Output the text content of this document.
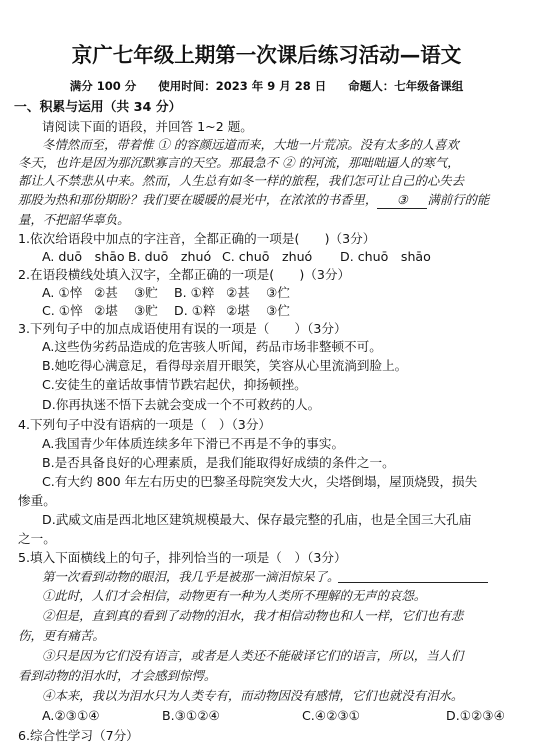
京广七年级上期第一次课后练习活动—语文
满分 100 分 使用时间：2023 年 9 月 28 日 命题人：七年级备课组
一、积累与运用（共 34 分）
请阅读下面的语段，并回答 1~2 题。
冬情然而至，带着惟 ① 的容颜远道而来，大地一片荒凉。没有太多的人喜欢
冬天，也许是因为那沉默寡言的天空。那最急不 ② 的河流，那咄咄逼人的寒气，
都让人不禁悲从中来。然而，人生总有如冬一样的旅程，我们怎可让自己的心失去
那股为热和那份期盼？我们要在暖暖的晨光中，在浓浓的书香里， ③ 满前行的能
量，不把韶华辜负。
1.依次给语段中加点的字注音，全都正确的一项是(　　)（3分）
A. duō　shāo B. duō　zhuó C. chuō　zhuó	D. chuō　shāo
2.在语段横线处填入汉字，全都正确的一项是(　　)（3分）
A. ①悴 ②甚	③贮	B. ①粹 ②甚	③伫
C. ①悴 ②堪	③贮	D. ①粹 ②堪	③伫
3.下列句子中的加点成语使用有误的一项是（　　）（3分）
A.这些伪劣药品造成的危害骇人听闻，药品市场非整顿不可。
B.她吃得心满意足，看得母亲眉开眼笑，笑容从心里流淌到脸上。
C.安徒生的童话故事情节跌宕起伏，抑扬顿挫。
D.你再执迷不悟下去就会变成一个不可救药的人。
4.下列句子中没有语病的一项是（　）（3分）
A.我国青少年体质连续多年下滑已不再是不争的事实。
B.是否具备良好的心理素质，是我们能取得好成绩的条件之一。
C.有大约 800 年左右历史的巴黎圣母院突发大火，尖塔倒塌，屋顶烧毁，损失
惨重。
D.武威文庙是西北地区建筑规模最大、保存最完整的孔庙，也是全国三大孔庙
之一。
5.填入下面横线上的句子，排列恰当的一项是（　）（3分）
第一次看到动物的眼泪，我几乎是被那一滴泪惊呆了。
①此时，人们才会相信，动物更有一种为人类所不理解的无声的哀怨。
②但是，直到真的看到了动物的泪水，我才相信动物也和人一样，它们也有悲
伤，更有痛苦。
③只是因为它们没有语言，或者是人类还不能破译它们的语言，所以，当人们
看到动物的泪水时，才会感到惊愕。
④本来，我以为泪水只为人类专有，而动物因没有感情，它们也就没有泪水。
A.②③①④	B.③①②④	C.④②③①	D.①②③④
6.综合性学习（7分）
